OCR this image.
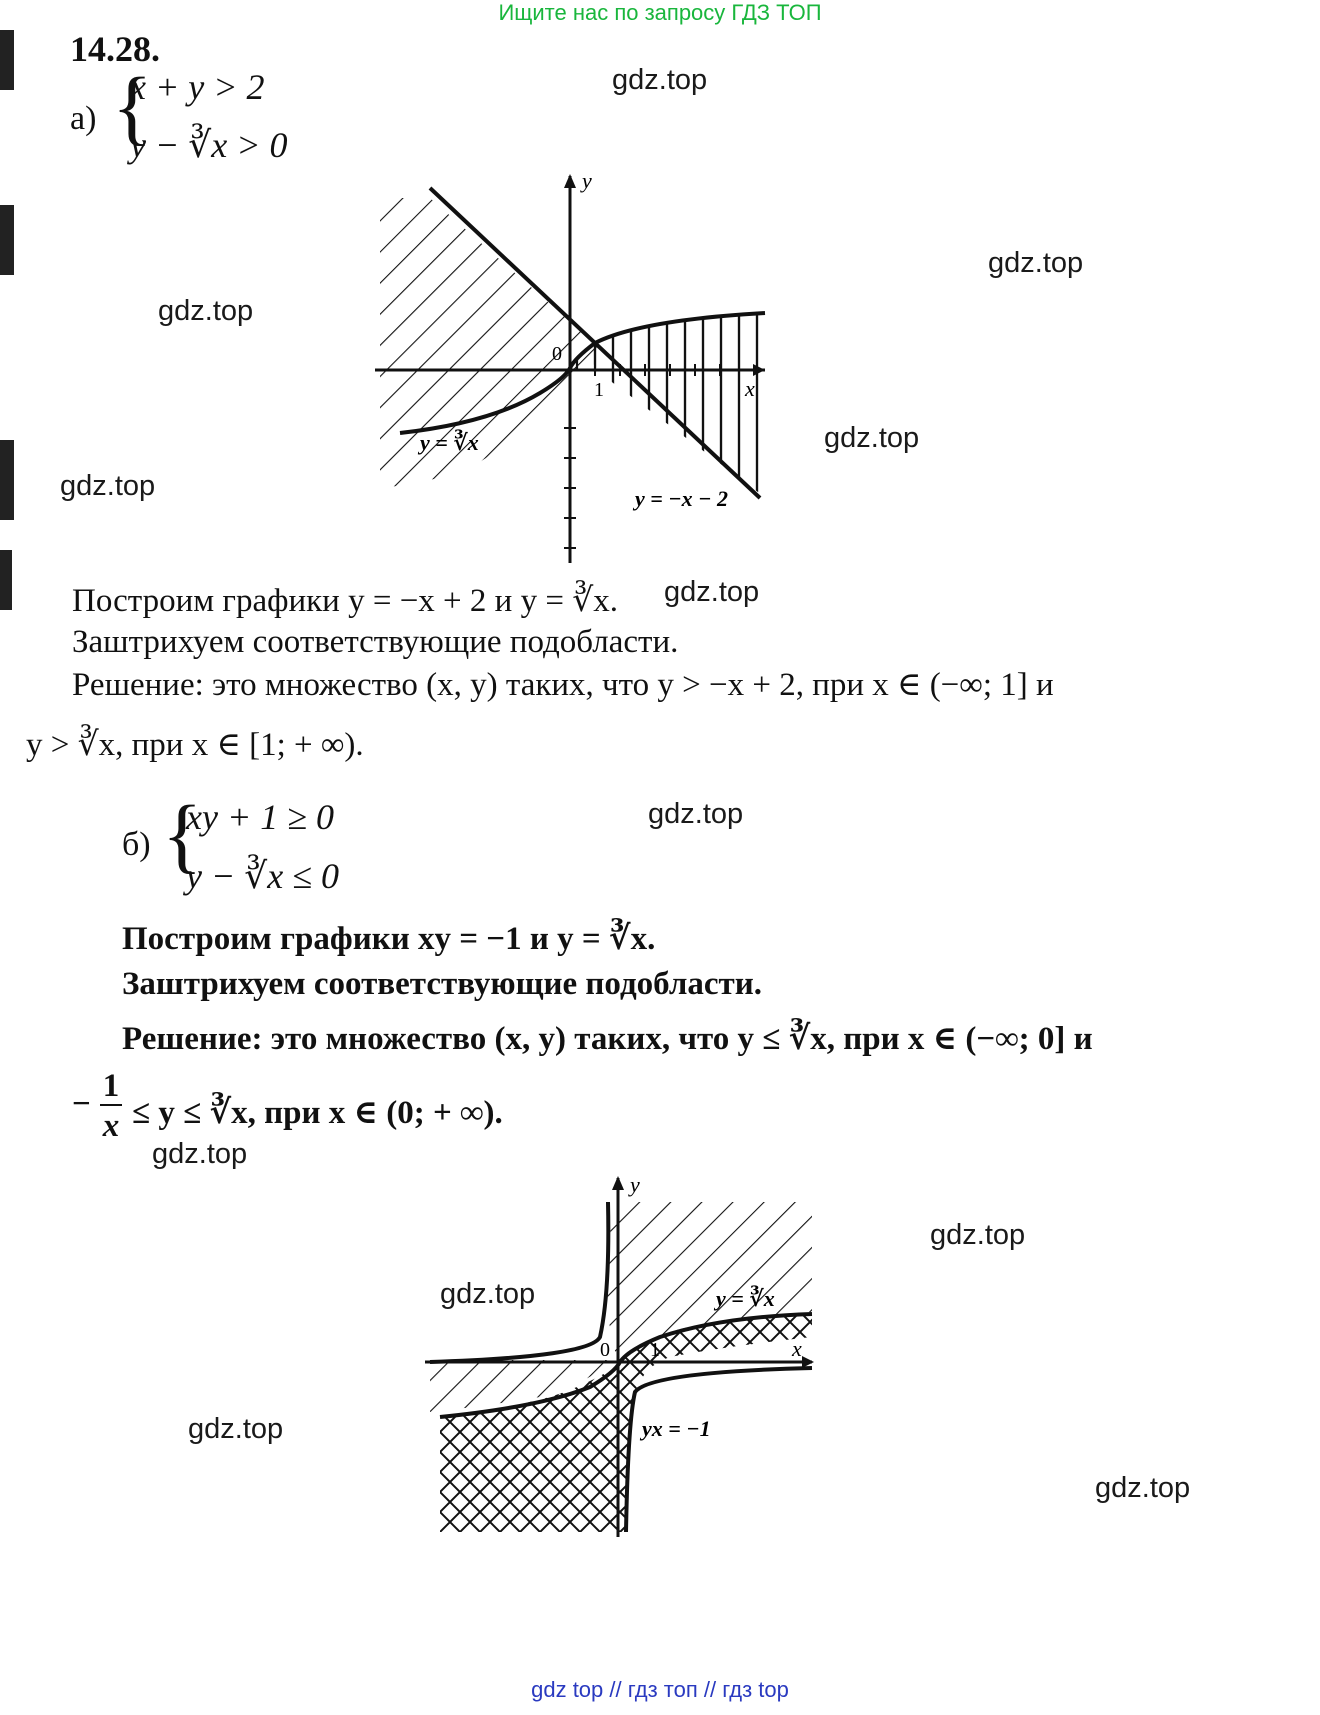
Ищите нас по запросу ГДЗ ТОП
gdz.top
gdz.top
gdz.top
gdz.top
gdz.top
gdz.top
gdz.top
gdz.top
gdz.top
gdz.top
gdz.top
gdz.top
14.28.
а) {
x + y > 2
y − ∛x > 0
y
x
0
1
y = ∛x
y = −x − 2
Построим графики y = −x + 2 и y = ∛x.
Заштрихуем соответствующие подобласти.
Решение: это множество (x, y) таких, что y > −x + 2, при x ∈ (−∞; 1] и
y > ∛x, при x ∈ [1; + ∞).
б) {
xy + 1 ≥ 0
y − ∛x ≤ 0
Построим графики xy = −1 и y = ∛x.
Заштрихуем соответствующие подобласти.
Решение: это множество (x, y) таких, что y ≤ ∛x, при x ∈ (−∞; 0] и
− 1
x ≤ y ≤ ∛x, при x ∈ (0; + ∞).
y
x
0 1
y = ∛x
yx = −1
gdz top // гдз топ // гдз top
